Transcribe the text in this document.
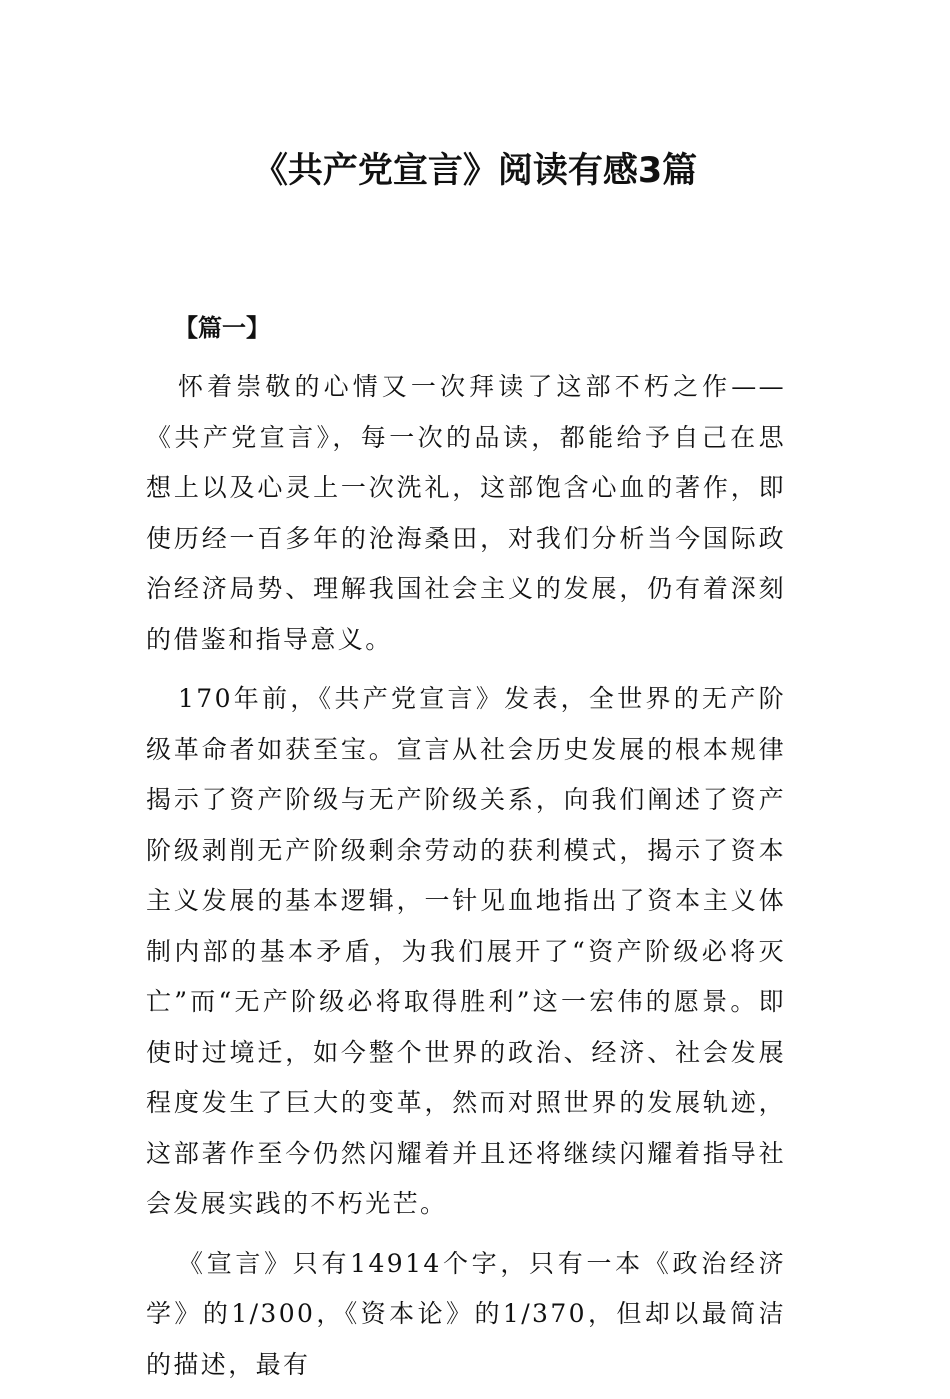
《共产党宣言》阅读有感3篇
【篇一】

怀着崇敬的心情又一次拜读了这部不朽之作——《共产党宣言》，每一次的品读，都能给予自己在思想上以及心灵上一次洗礼，这部饱含心血的著作，即使历经一百多年的沧海桑田，对我们分析当今国际政治经济局势、理解我国社会主义的发展，仍有着深刻的借鉴和指导意义。

170年前，《共产党宣言》发表，全世界的无产阶级革命者如获至宝。宣言从社会历史发展的根本规律揭示了资产阶级与无产阶级关系，向我们阐述了资产阶级剥削无产阶级剩余劳动的获利模式，揭示了资本主义发展的基本逻辑，一针见血地指出了资本主义体制内部的基本矛盾，为我们展开了“资产阶级必将灭亡”而“无产阶级必将取得胜利”这一宏伟的愿景。即使时过境迁，如今整个世界的政治、经济、社会发展程度发生了巨大的变革，然而对照世界的发展轨迹，这部著作至今仍然闪耀着并且还将继续闪耀着指导社会发展实践的不朽光芒。

《宣言》只有14914个字，只有一本《政治经济学》的1/300，《资本论》的1/370，但却以最简洁的描述，最有
